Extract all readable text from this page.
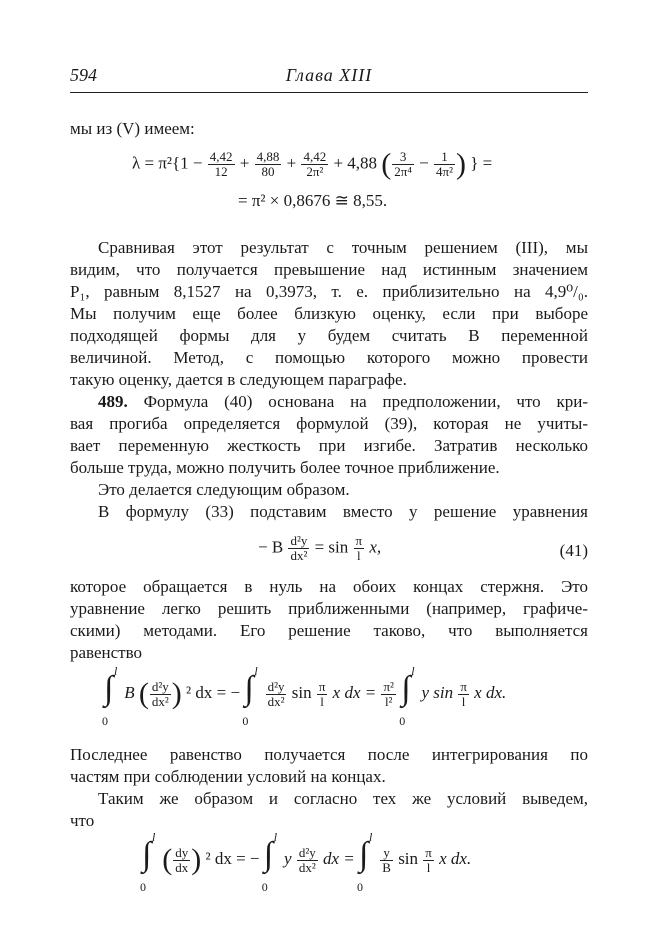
594	Глава XIII
мы из (V) имеем:
$\lambda = \pi^2\{1 - \frac{4,42}{12} + \frac{4,88}{80} + \frac{4,42}{\text{2π²}} + 4,88$ ( $\frac{3}{\text{2π⁴}} - \frac{1}{\text{4π²}}$ ) } =
= π² × 0,8676 ≅ 8,55.
Сравнивая этот результат с точным решением (III), мы
видим, что получается превышение над истинным значением
P₁, равным 8,1527 на 0,3973, т. е. приблизительно на 4,9⁰/₀.
Мы получим еще более близкую оценку, если при выборе
подходящей формы для y будем считать B переменной
величиной. Метод, с помощью которого можно провести
такую оценку, дается в следующем параграфе.
489. Формула (40) основана на предположении, что кри-
вая прогиба определяется формулой (39), которая не учиты-
вает переменную жесткость при изгибе. Затратив несколько
больше труда, можно получить более точное приближение.
Это делается следующим образом.
В формулу (33) подставим вместо y решение уравнения
− B $\frac{\text{d²y}}{\text{dx²}} = \sin \frac{\pi}{l} x$,	(41)
которое обращается в нуль на обоих концах стержня. Это
уравнение легко решить приближенными (например, графиче-
скими) методами. Его решение таково, что выполняется
равенство
∫ l
0
B ( $\frac{\text{d²y}}{\text{dx²}}$ ) ² dx = − ∫ l
0

$\frac{\text{d²y}}{\text{dx²}}$ $\sin \frac{\pi}{l}$ x dx = $\frac{\text{π²}}{\text{l²}}$
∫ l
0
y $\sin \frac{\pi}{l}$ x dx.
Последнее равенство получается после интегрирования по
частям при соблюдении условий на концах.
Таким же образом и согласно тех же условий выведем,
что
∫ l
0
( $\frac{dy}{dx}$ ) ² dx = − ∫ l
0
y $\frac{\text{d²y}}{\text{dx²}}$ dx = ∫ l
0

$\frac{y}{B}$ $\sin \frac{\pi}{l}$ x dx.
